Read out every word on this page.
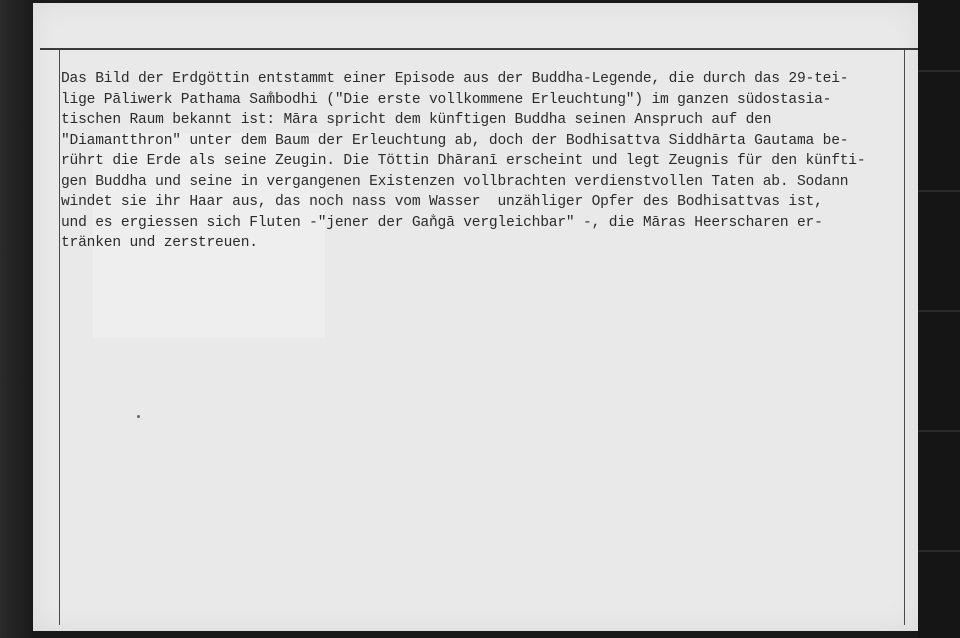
Das Bild der Erdgöttin entstammt einer Episode aus der Buddha-Legende, die durch das 29-tei-
lige Pāliwerk Pathama Sam̐bodhi ("Die erste vollkommene Erleuchtung") im ganzen südostasia-
tischen Raum bekannt ist: Māra spricht dem künftigen Buddha seinen Anspruch auf den
"Diamantthron" unter dem Baum der Erleuchtung ab, doch der Bodhisattva Siddhārta Gautama be-
rührt die Erde als seine Zeugin. Die Töttin Dhāranī erscheint und legt Zeugnis für den künfti-
gen Buddha und seine in vergangenen Existenzen vollbrachten verdienstvollen Taten ab. Sodann
windet sie ihr Haar aus, das noch nass vom Wasser  unzähliger Opfer des Bodhisattvas ist,
und es ergiessen sich Fluten -"jener der Gan̐gā vergleichbar" -, die Māras Heerscharen er-
tränken und zerstreuen.
